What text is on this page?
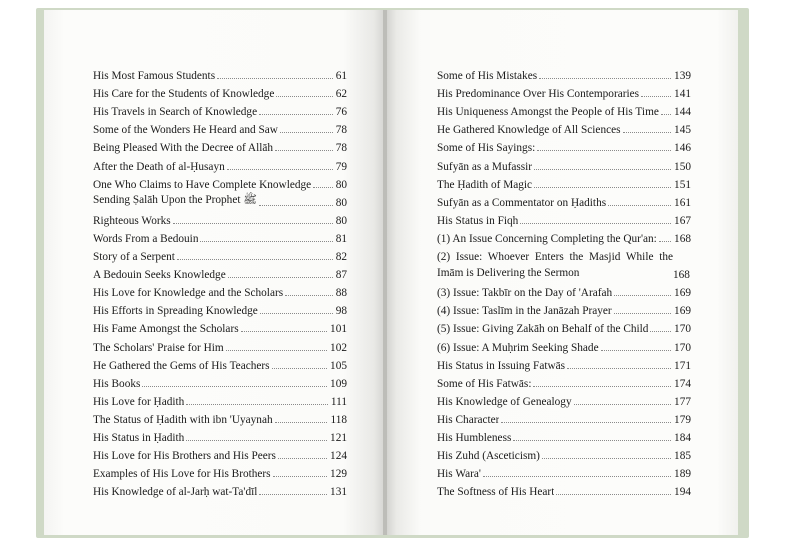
His Most Famous Students	61
His Care for the Students of Knowledge	62
His Travels in Search of Knowledge	76
Some of the Wonders He Heard and Saw	78
Being Pleased With the Decree of Allāh	78
After the Death of al-Ḥusayn	79
One Who Claims to Have Complete Knowledge 80
Sending Ṣalāh Upon the Prophet ﷺ	80
Righteous Works	80
Words From a Bedouin	81
Story of a Serpent	82
A Bedouin Seeks Knowledge	87
His Love for Knowledge and the Scholars	88
His Efforts in Spreading Knowledge	98
His Fame Amongst the Scholars	101
The Scholars' Praise for Him	102
He Gathered the Gems of His Teachers	105
His Books	109
His Love for Ḥadith	111
The Status of Ḥadith with ibn 'Uyaynah	118
His Status in Ḥadith	121
His Love for His Brothers and His Peers	124
Examples of His Love for His Brothers	129
His Knowledge of al-Jarḥ wat-Ta'dīl	131
Some of His Mistakes	139
His Predominance Over His Contemporaries	141
His Uniqueness Amongst the People of His Time 144
He Gathered Knowledge of All Sciences	145
Some of His Sayings:	146
Sufyān as a Mufassir	150
The Ḥadith of Magic	151
Sufyān as a Commentator on Ḥadiths	161
His Status in Fiqh	167
(1) An Issue Concerning Completing the Qur'an: 168
(2) Issue: Whoever Enters the Masjid While the Imām is Delivering the Sermon	168
(3) Issue: Takbīr on the Day of 'Arafah	169
(4) Issue: Taslīm in the Janāzah Prayer	169
(5) Issue: Giving Zakāh on Behalf of the Child 170
(6) Issue: A Muḥrim Seeking Shade	170
His Status in Issuing Fatwās	171
Some of His Fatwās:	174
His Knowledge of Genealogy	177
His Character	179
His Humbleness	184
His Zuhd (Asceticism)	185
His Wara'	189
The Softness of His Heart	194
